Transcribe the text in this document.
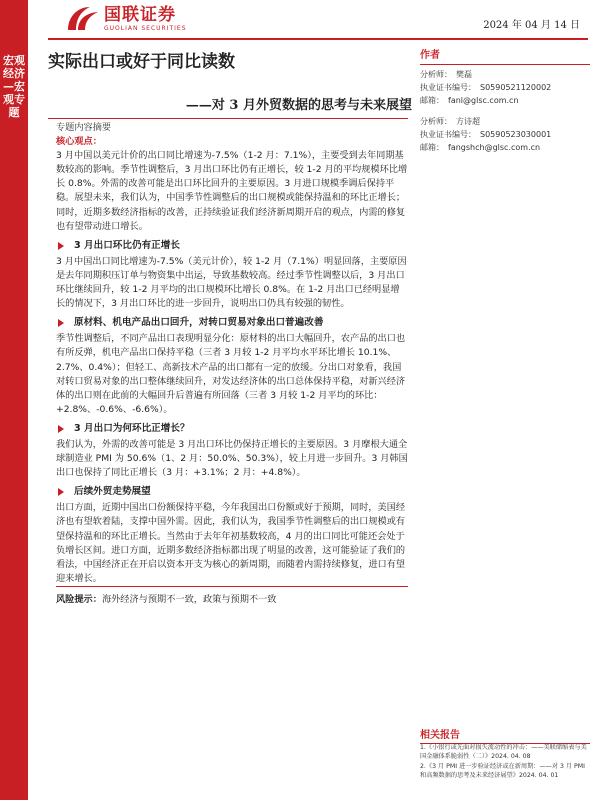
宏观经济—宏观专题
国联证券
GUOLIAN SECURITIES	2024 年 04 月 14 日
实际出口或好于同比读数
——对 3 月外贸数据的思考与未来展望

专题内容摘要

核心观点：

3 月中国以美元计价的出口同比增速为-7.5%（1-2 月：7.1%），主要受到去年同期基数较高的影响。季节性调整后，3 月出口环比仍有正增长，较 1-2 月的平均规模环比增长 0.8%。外需的改善可能是出口环比回升的主要原因。3 月进口规模季调后保持平稳。展望未来，我们认为，中国季节性调整后的出口规模或能保持温和的环比正增长；同时，近期多数经济指标的改善，正持续验证我们经济新周期开启的观点，内需的修复也有望带动进口增长。

3 月出口环比仍有正增长

3 月中国出口同比增速为-7.5%（美元计价），较 1-2 月（7.1%）明显回落，主要原因是去年同期积压订单与物资集中出运，导致基数较高。经过季节性调整以后，3 月出口环比继续回升，较 1-2 月平均的出口规模环比增长 0.8%。在 1-2 月出口已经明显增长的情况下，3 月出口环比的进一步回升，说明出口仍具有较强的韧性。

原材料、机电产品出口回升，对转口贸易对象出口普遍改善

季节性调整后，不同产品出口表现明显分化：原材料的出口大幅回升，农产品的出口也有所反弹，机电产品出口保持平稳（三者 3 月较 1-2 月平均水平环比增长 10.1%、2.7%、0.4%）；但轻工、高新技术产品的出口都有一定的放缓。分出口对象看，我国对转口贸易对象的出口整体继续回升，对发达经济体的出口总体保持平稳，对新兴经济体的出口则在此前的大幅回升后普遍有所回落（三者 3 月较 1-2 月平均的环比：+2.8%、-0.6%、-6.6%）。

3 月出口为何环比正增长？

我们认为，外需的改善可能是 3 月出口环比仍保持正增长的主要原因。3 月摩根大通全球制造业 PMI 为 50.6%（1、2 月：50.0%、50.3%），较上月进一步回升。3 月韩国出口也保持了同比正增长（3 月：+3.1%；2 月：+4.8%）。

后续外贸走势展望

出口方面，近期中国出口份额保持平稳，今年我国出口份额或好于预期，同时，美国经济也有望软着陆，支撑中国外需。因此，我们认为，我国季节性调整后的出口规模或有望保持温和的环比正增长。当然由于去年年初基数较高，4 月的出口同比可能还会处于负增长区间。进口方面，近期多数经济指标都出现了明显的改善，这可能验证了我们的看法，中国经济正在开启以资本开支为核心的新周期，而随着内需持续修复，进口有望迎来增长。

风险提示：海外经济与预期不一致，政策与预期不一致

作者
分析师： 樊磊
执业证书编号： S0590521120002
邮箱： fanl@glsc.com.cn
分析师： 方诗超
执业证书编号： S0590523030001
邮箱： fangshch@glsc.com.cn
相关报告
1.《小银行或先面对损失流动性的冲击：——美联储缩表与美国金融体系脆弱性（二）》2024. 04. 08
2.《3 月 PMI 进一步验证经济或在新周期：——对 3 月 PMI 和高频数据的思考及未来经济展望》2024. 04. 01
